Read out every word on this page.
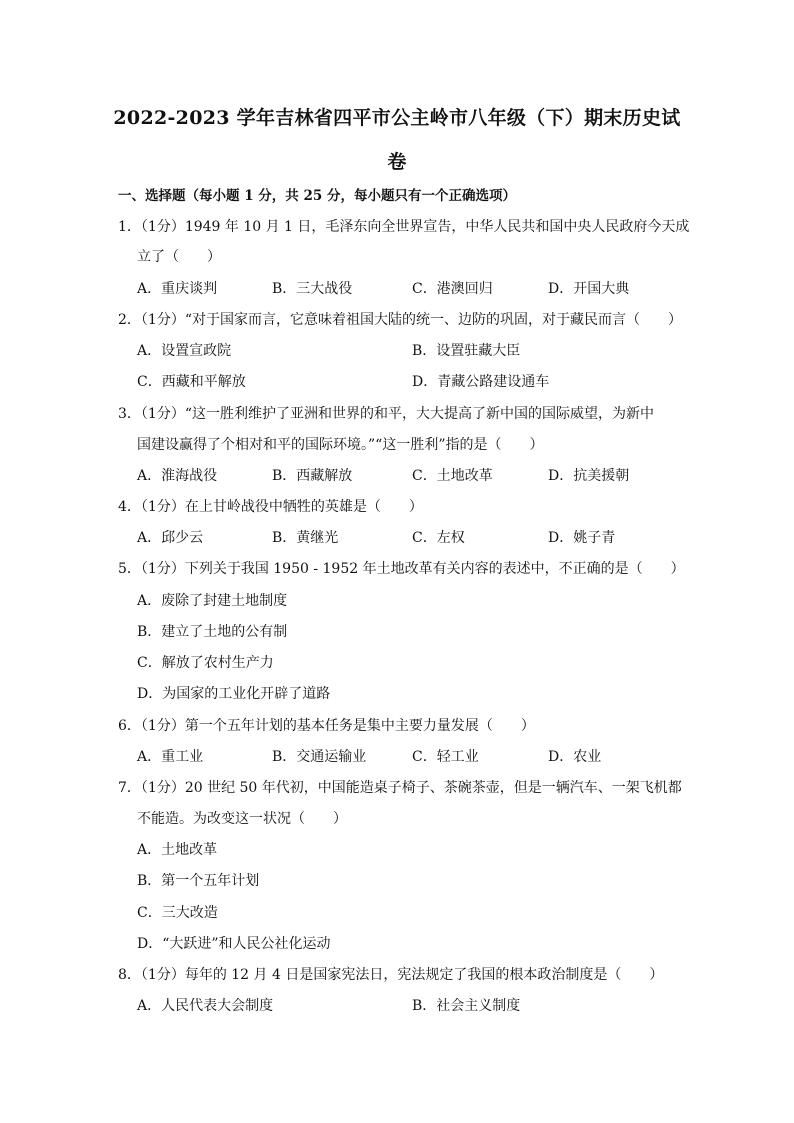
2022-2023 学年吉林省四平市公主岭市八年级（下）期末历史试
卷
一、选择题（每小题 1 分，共 25 分，每小题只有一个正确选项）
1．（1分）1949 年 10 月 1 日，毛泽东向全世界宣告，中华人民共和国中央人民政府今天成
立了（　　）
A．重庆谈判	B．三大战役	C．港澳回归	D．开国大典
2．（1分）“对于国家而言，它意味着祖国大陆的统一、边防的巩固，对于藏民而言（　　）
A．设置宣政院	B．设置驻藏大臣
C．西藏和平解放	D．青藏公路建设通车
3．（1分）“这一胜利维护了亚洲和世界的和平，大大提高了新中国的国际威望，为新中
国建设赢得了个相对和平的国际环境。”“这一胜利”指的是（　　）
A．淮海战役	B．西藏解放	C．土地改革	D．抗美援朝
4．（1分）在上甘岭战役中牺牲的英雄是（　　）
A．邱少云	B．黄继光	C．左权	D．姚子青
5．（1分）下列关于我国 1950 - 1952 年土地改革有关内容的表述中，不正确的是（　　）
A．废除了封建土地制度
B．建立了土地的公有制
C．解放了农村生产力
D．为国家的工业化开辟了道路
6．（1分）第一个五年计划的基本任务是集中主要力量发展（　　）
A．重工业	B．交通运输业	C．轻工业	D．农业
7．（1分）20 世纪 50 年代初，中国能造桌子椅子、茶碗茶壶，但是一辆汽车、一架飞机都
不能造。为改变这一状况（　　）
A．土地改革
B．第一个五年计划
C．三大改造
D．“大跃进”和人民公社化运动
8．（1分）每年的 12 月 4 日是国家宪法日，宪法规定了我国的根本政治制度是（　　）
A．人民代表大会制度	B．社会主义制度
